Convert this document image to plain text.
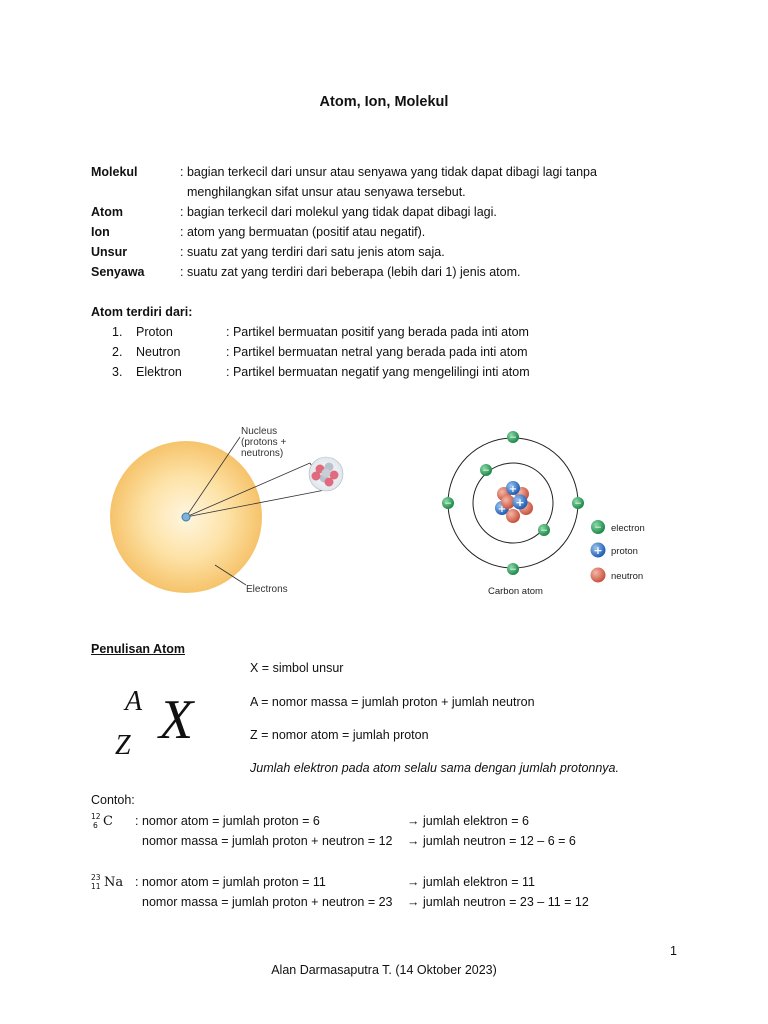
Atom, Ion, Molekul
Molekul	: bagian terkecil dari unsur atau senyawa yang tidak dapat dibagi lagi tanpa
menghilangkan sifat unsur atau senyawa tersebut.
Atom	: bagian terkecil dari molekul yang tidak dapat dibagi lagi.
Ion	: atom yang bermuatan (positif atau negatif).
Unsur	: suatu zat yang terdiri dari satu jenis atom saja.
Senyawa	: suatu zat yang terdiri dari beberapa (lebih dari 1) jenis atom.
Atom terdiri dari:
1. Proton	: Partikel bermuatan positif yang berada pada inti atom
2. Neutron	: Partikel bermuatan netral yang berada pada inti atom
3. Elektron	: Partikel bermuatan negatif yang mengelilingi inti atom
Nucleus
(protons +
neutrons)
Electrons
+
+
+
−
−
−	−
−
−	− electron
+ proton
neutron
Carbon atom
Penulisan Atom
A
Z X
X = simbol unsur
A = nomor massa = jumlah proton + jumlah neutron
Z = nomor atom = jumlah proton
Jumlah elektron pada atom selalu sama dengan jumlah protonnya.
Contoh:
12
6 C : nomor atom = jumlah proton = 6	→ jumlah elektron = 6
nomor massa = jumlah proton + neutron = 12 → jumlah neutron = 12 – 6 = 6
23
11 Na : nomor atom = jumlah proton = 11	→ jumlah elektron = 11
nomor massa = jumlah proton + neutron = 23 → jumlah neutron = 23 – 11 = 12
1
Alan Darmasaputra T. (14 Oktober 2023)
